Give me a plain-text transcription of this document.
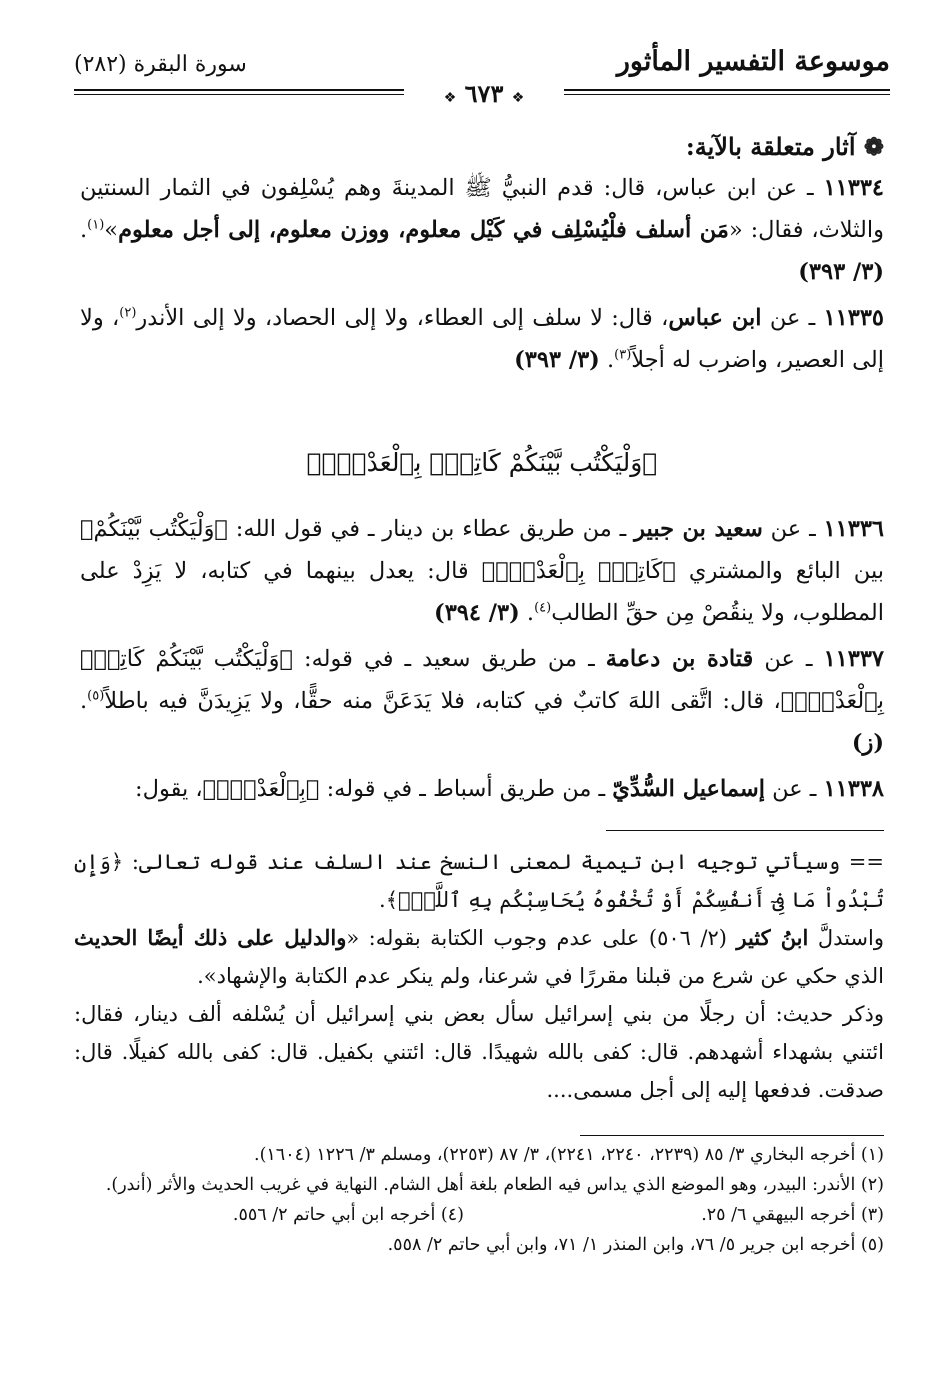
موسوعة التفسير المأثور
سورة البقرة (٢٨٢)
❖ ٦٧٣ ❖
❁ آثار متعلقة بالآية:

١١٣٣٤ ـ عن ابن عباس، قال: قدم النبيُّ ﷺ المدينةَ وهم يُسْلِفون في الثمار السنتين والثلاث، فقال: «مَن أسلف فلْيُسْلِف في كَيْل معلوم، ووزن معلوم، إلى أجل معلوم»$^{(١)}$. (٣/ ٣٩٣)

١١٣٣٥ ـ عن ابن عباس، قال: لا سلف إلى العطاء، ولا إلى الحصاد، ولا إلى الأندر$^{(٢)}$، ولا إلى العصير، واضرب له أجلاً$^{(٣)}$. (٣/ ٣٩٣)

﴿وَلْيَكْتُب بَّيْنَكُمْ كَاتِبٌۢ بِٱلْعَدْلِۚ﴾

١١٣٣٦ ـ عن سعيد بن جبير ـ من طريق عطاء بن دينار ـ في قول الله: ﴿وَلْيَكْتُب بَّيْنَكُمْ﴾ بين البائع والمشتري ﴿كَاتِبٌۢ بِٱلْعَدْلِۚ﴾ قال: يعدل بينهما في كتابه، لا يَزِدْ على المطلوب، ولا ينقُصْ مِن حقِّ الطالب$^{(٤)}$. (٣/ ٣٩٤)

١١٣٣٧ ـ عن قتادة بن دعامة ـ من طريق سعيد ـ في قوله: ﴿وَلْيَكْتُب بَّيْنَكُمْ كَاتِبٌۢ بِٱلْعَدْلِۚ﴾، قال: اتَّقى اللهَ كاتبٌ في كتابه، فلا يَدَعَنَّ منه حقًّا، ولا يَزِيدَنَّ فيه باطلاً$^{(٥)}$. (ز)

١١٣٣٨ ـ عن إسماعيل السُّدِّيّ ـ من طريق أسباط ـ في قوله: ﴿بِٱلْعَدْلِۚ﴾، يقول:

== وسيأتي توجيه ابن تيمية لمعنى النسخ عند السلف عند قوله تعالى: ﴿وَإِن تُبْدُواْ مَا فِىٓ أَنفُسِكُمْ أَوْ تُخْفُوهُ يُحَاسِبْكُم بِهِ ٱللَّهُۖ﴾.

واستدلَّ ابنُ كثير (٢/ ٥٠٦) على عدم وجوب الكتابة بقوله: «والدليل على ذلك أيضًا الحديث الذي حكي عن شرع من قبلنا مقررًا في شرعنا، ولم ينكر عدم الكتابة والإشهاد».

وذكر حديث: أن رجلًا من بني إسرائيل سأل بعض بني إسرائيل أن يُسْلفه ألف دينار، فقال: ائتني بشهداء أشهدهم. قال: كفى بالله شهيدًا. قال: ائتني بكفيل. قال: كفى بالله كفيلًا. قال: صدقت. فدفعها إليه إلى أجل مسمى....

(١) أخرجه البخاري ٣/ ٨٥ (٢٢٣٩، ٢٢٤٠، ٢٢٤١)، ٣/ ٨٧ (٢٢٥٣)، ومسلم ٣/ ١٢٢٦ (١٦٠٤).

(٢) الأندر: البيدر، وهو الموضع الذي يداس فيه الطعام بلغة أهل الشام. النهاية في غريب الحديث والأثر (أندر).

(٣) أخرجه البيهقي ٦/ ٢٥.

(٤) أخرجه ابن أبي حاتم ٢/ ٥٥٦.

(٥) أخرجه ابن جرير ٥/ ٧٦، وابن المنذر ١/ ٧١، وابن أبي حاتم ٢/ ٥٥٨.
